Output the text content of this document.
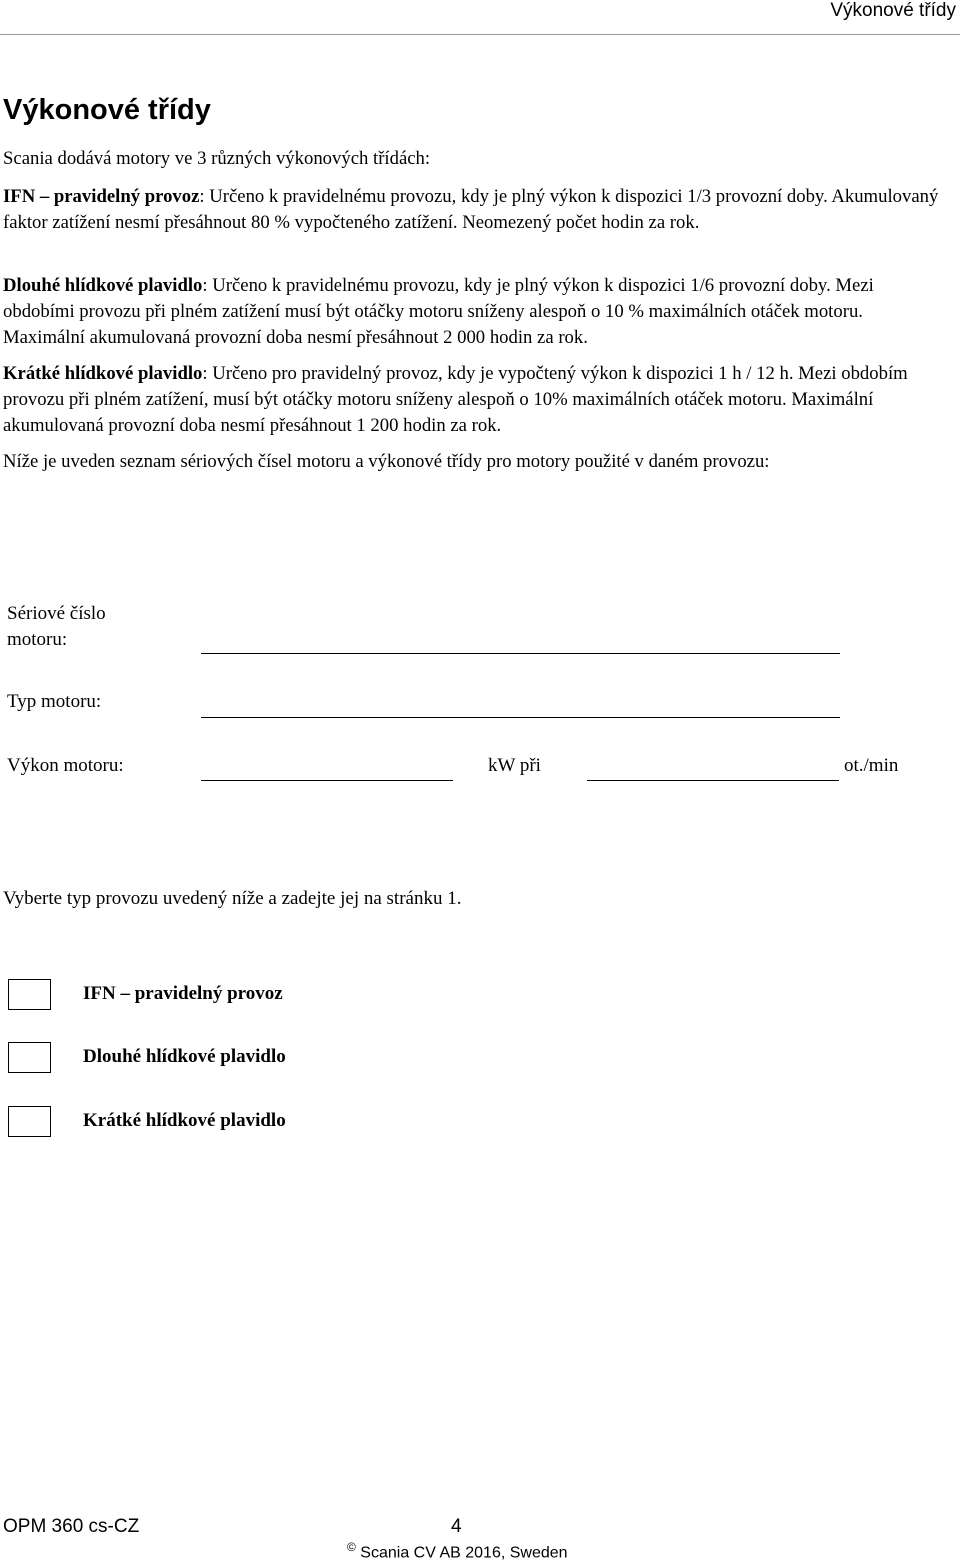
Výkonové třídy
Výkonové třídy

Scania dodává motory ve 3 různých výkonových třídách:

IFN – pravidelný provoz: Určeno k pravidelnému provozu, kdy je plný výkon k dispozici 1/3 provozní doby. Akumulovaný faktor zatížení nesmí přesáhnout 80 % vypočteného zatížení. Neomezený počet hodin za rok.

Dlouhé hlídkové plavidlo: Určeno k pravidelnému provozu, kdy je plný výkon k dispozici 1/6 provozní doby. Mezi obdobími provozu při plném zatížení musí být otáčky motoru sníženy alespoň o 10 % maximálních otáček motoru. Maximální akumulovaná provozní doba nesmí přesáhnout 2 000 hodin za rok.

Krátké hlídkové plavidlo: Určeno pro pravidelný provoz, kdy je vypočtený výkon k dispozici 1 h / 12 h. Mezi obdobím provozu při plném zatížení, musí být otáčky motoru sníženy alespoň o 10% maximálních otáček motoru. Maximální akumulovaná provozní doba nesmí přesáhnout 1 200 hodin za rok.

Níže je uveden seznam sériových čísel motoru a výkonové třídy pro motory použité v daném provozu:

Sériové číslo
motoru:
Typ motoru:
Výkon motoru:	kW při	ot./min

Vyberte typ provozu uvedený níže a zadejte jej na stránku 1.

IFN – pravidelný provoz
Dlouhé hlídkové plavidlo
Krátké hlídkové plavidlo
OPM 360 cs-CZ	4
© Scania CV AB 2016, Sweden
